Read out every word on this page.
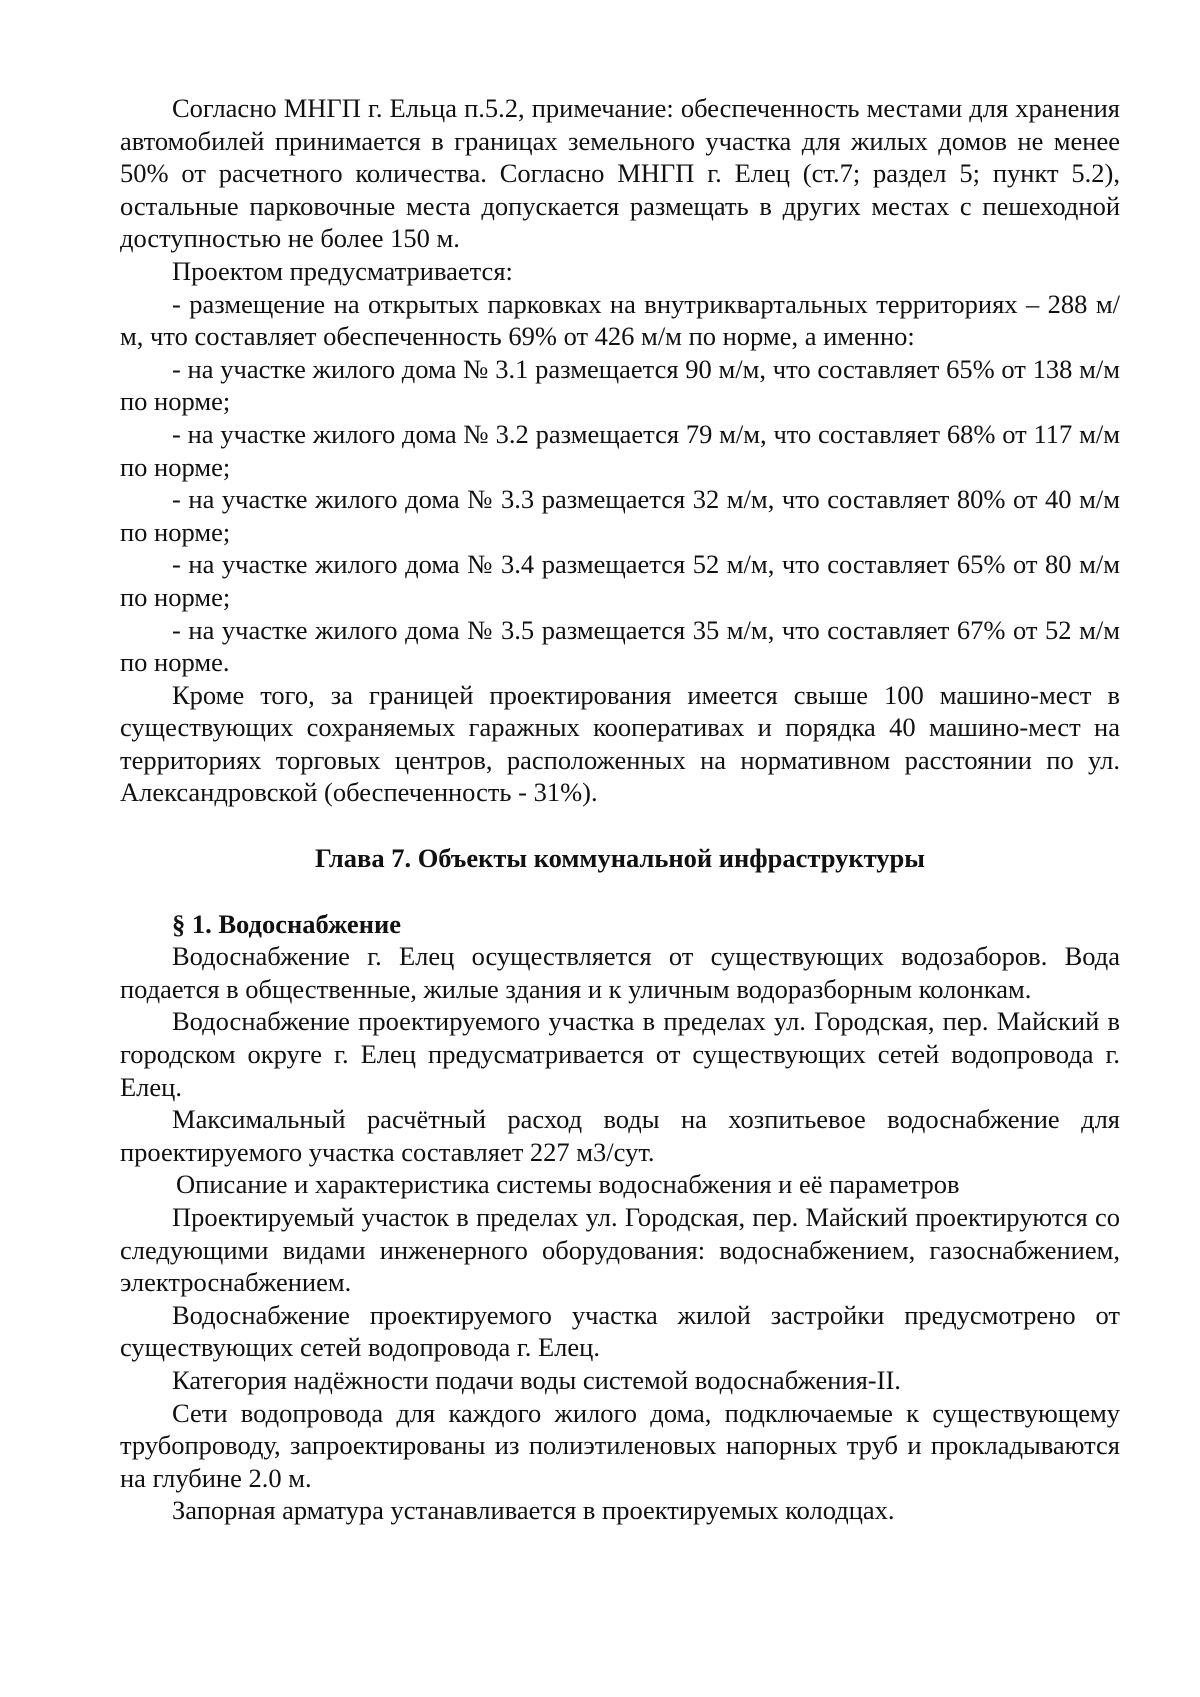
Согласно МНГП г. Ельца п.5.2, примечание: обеспеченность местами для хранения автомобилей принимается в границах земельного участка для жилых домов не менее 50% от расчетного количества. Согласно МНГП г. Елец (ст.7; раздел 5; пункт 5.2), остальные парковочные места допускается размещать в других местах с пешеходной доступностью не более 150 м.

Проектом предусматривается:

- размещение на открытых парковках на внутриквартальных территориях – 288 м/м, что составляет обеспеченность 69% от 426 м/м по норме, а именно:

- на участке жилого дома № 3.1 размещается 90 м/м, что составляет 65% от 138 м/м по норме;

- на участке жилого дома № 3.2 размещается 79 м/м, что составляет 68% от 117 м/м по норме;

- на участке жилого дома № 3.3 размещается 32 м/м, что составляет 80% от 40 м/м по норме;

- на участке жилого дома № 3.4 размещается 52 м/м, что составляет 65% от 80 м/м по норме;

- на участке жилого дома № 3.5 размещается 35 м/м, что составляет 67% от 52 м/м по норме.

Кроме того, за границей проектирования имеется свыше 100 машино-мест в существующих сохраняемых гаражных кооперативах и порядка 40 машино-мест на территориях торговых центров, расположенных на нормативном расстоянии по ул. Александровской (обеспеченность - 31%).

Глава 7. Объекты коммунальной инфраструктуры

§ 1. Водоснабжение

Водоснабжение г. Елец осуществляется от существующих водозаборов. Вода подается в общественные, жилые здания и к уличным водоразборным колонкам.

Водоснабжение проектируемого участка в пределах ул. Городская, пер. Майский в городском округе г. Елец предусматривается от существующих сетей водопровода г. Елец.

Максимальный расчётный расход воды на хозпитьевое водоснабжение для проектируемого участка составляет 227 м3/сут.

Описание и характеристика системы водоснабжения и её параметров

Проектируемый участок в пределах ул. Городская, пер. Майский проектируются со следующими видами инженерного оборудования: водоснабжением, газоснабжением, электроснабжением.

Водоснабжение проектируемого участка жилой застройки предусмотрено от существующих сетей водопровода г. Елец.

Категория надёжности подачи воды системой водоснабжения-II.

Сети водопровода для каждого жилого дома, подключаемые к существующему трубопроводу, запроектированы из полиэтиленовых напорных труб и прокладываются на глубине 2.0 м.

Запорная арматура устанавливается в проектируемых колодцах.
